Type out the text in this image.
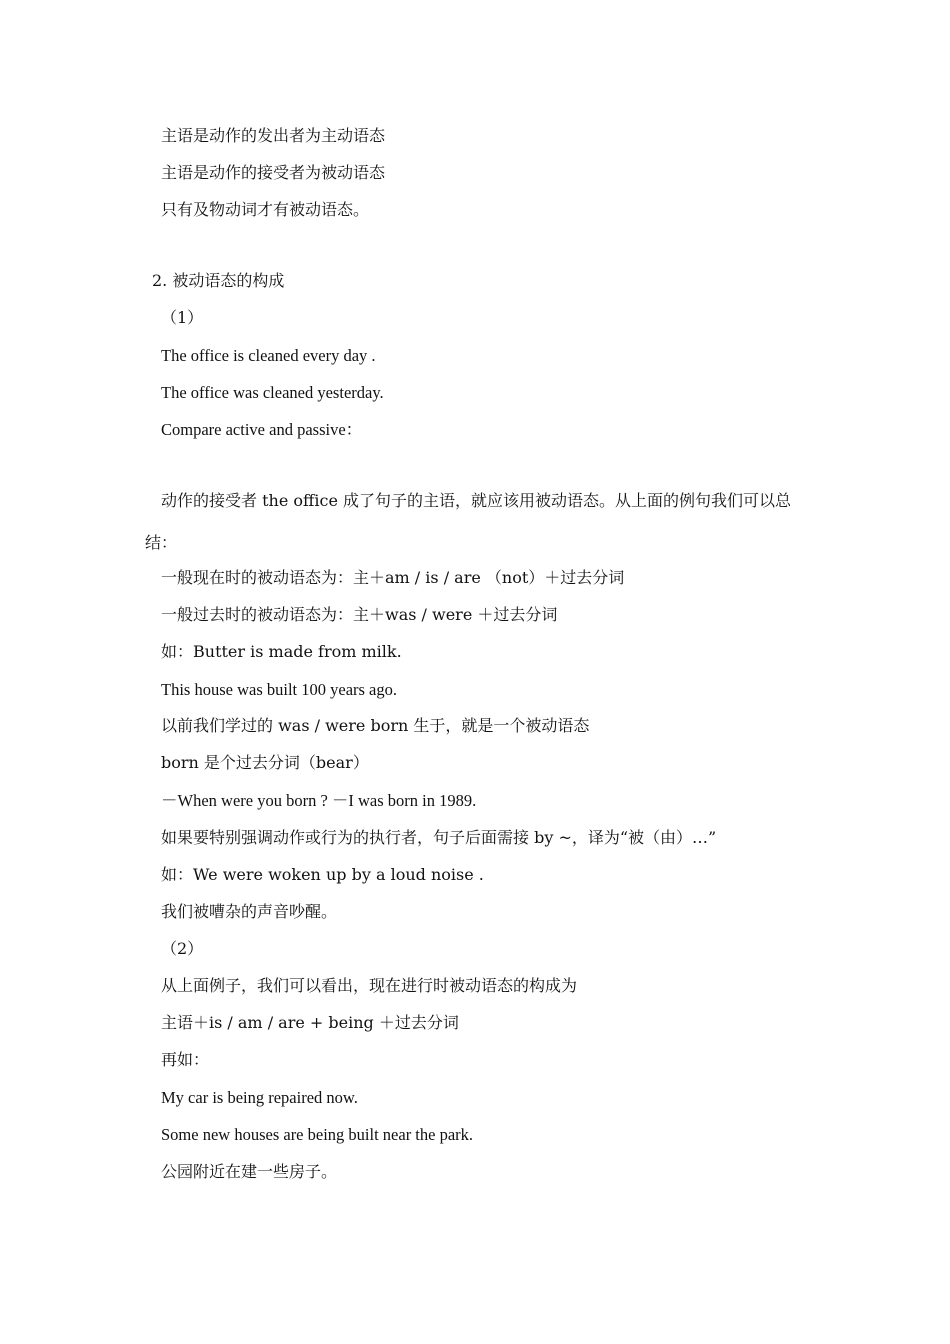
主语是动作的发出者为主动语态
主语是动作的接受者为被动语态
只有及物动词才有被动语态。
2. 被动语态的构成
（1）
The office is cleaned every day .
The office was cleaned yesterday.
Compare active and passive：
动作的接受者 the office 成了句子的主语，就应该用被动语态。从上面的例句我们可以总
结：
一般现在时的被动语态为：主＋am / is / are （not）＋过去分词
一般过去时的被动语态为：主＋was / were ＋过去分词
如：Butter is made from milk.
This house was built 100 years ago.
以前我们学过的 was / were born 生于，就是一个被动语态
born 是个过去分词（bear）
－When were you born ? －I was born in 1989.
如果要特别强调动作或行为的执行者，句子后面需接 by ~，译为“被（由）…”
如：We were woken up by a loud noise .
我们被嘈杂的声音吵醒。
（2）
从上面例子，我们可以看出，现在进行时被动语态的构成为
主语＋is / am / are + being ＋过去分词
再如：
My car is being repaired now.
Some new houses are being built near the park.
公园附近在建一些房子。
